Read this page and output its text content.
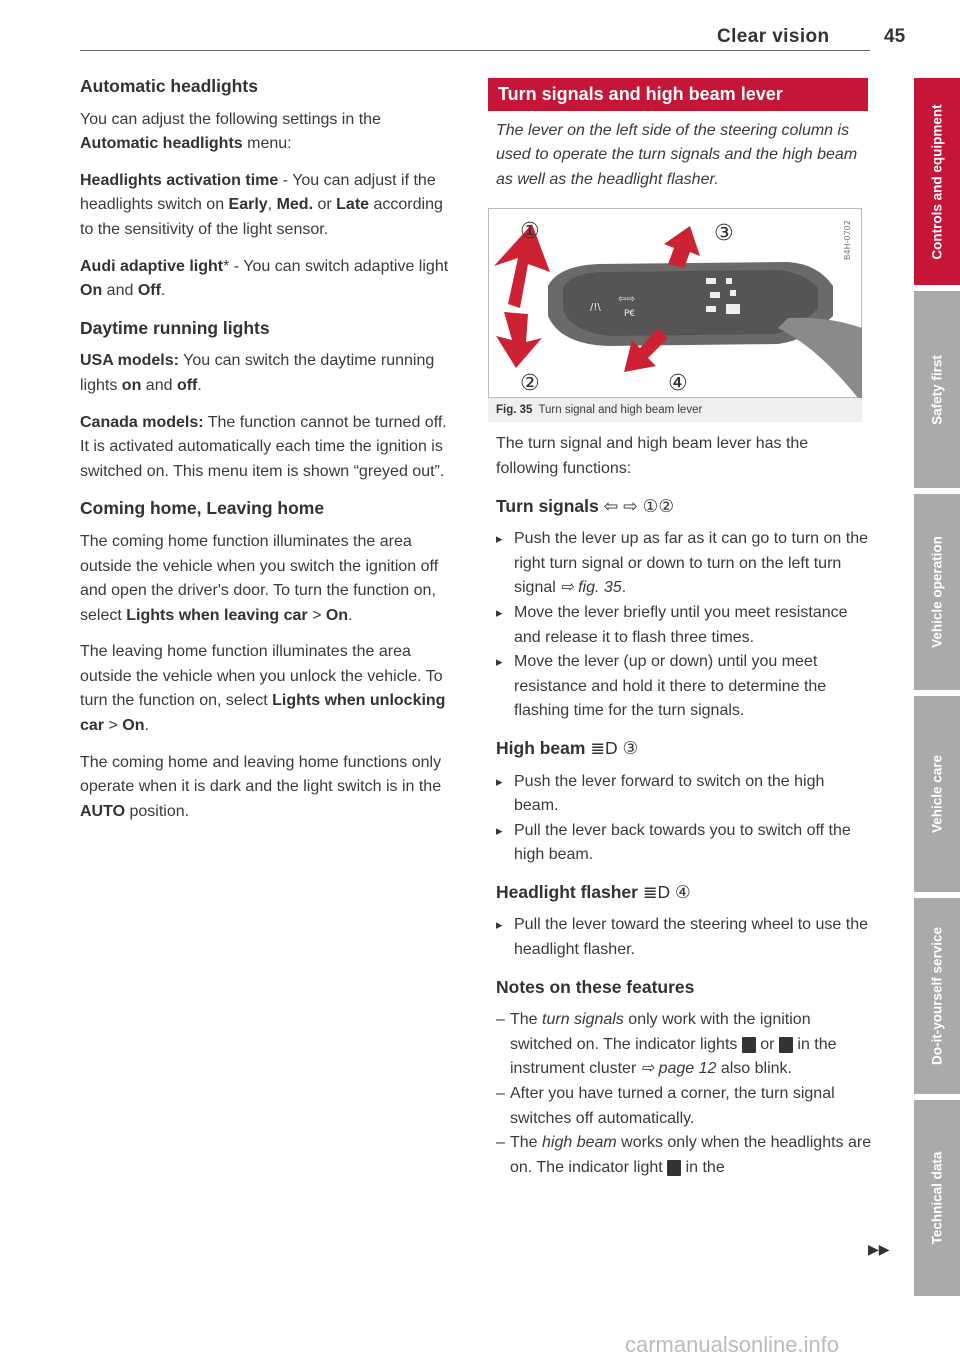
Clear vision	45
Automatic headlights

You can adjust the following settings in the Automatic headlights menu:

Headlights activation time - You can adjust if the headlights switch on Early, Med. or Late according to the sensitivity of the light sensor.

Audi adaptive light* - You can switch adaptive light On and Off.

Daytime running lights

USA models: You can switch the daytime running lights on and off.

Canada models: The function cannot be turned off. It is activated automatically each time the ignition is switched on. This menu item is shown “greyed out”.

Coming home, Leaving home

The coming home function illuminates the area outside the vehicle when you switch the ignition off and open the driver's door. To turn the function on, select Lights when leaving car > On.

The leaving home function illuminates the area outside the vehicle when you unlock the vehicle. To turn the function on, select Lights when unlocking car > On.

The coming home and leaving home functions only operate when it is dark and the light switch is in the AUTO position.

Turn signals and high beam lever

The lever on the left side of the steering column is used to operate the turn signals and the high beam as well as the headlight flasher.

/!\
⇦⇨
P€
①
②
③
④
B4H-0702
Fig. 35 Turn signal and high beam lever

The turn signal and high beam lever has the following functions:

Turn signals ⇦ ⇨ ①②
▸ Push the lever up as far as it can go to turn on the right turn signal or down to turn on the left turn signal ⇨ fig. 35.
▸ Move the lever briefly until you meet resistance and release it to flash three times.
▸ Move the lever (up or down) until you meet resistance and hold it there to determine the flashing time for the turn signals.
High beam ≣D ③
▸ Push the lever forward to switch on the high beam.
▸ Pull the lever back towards you to switch off the high beam.
Headlight flasher ≣D ④
▸ Pull the lever toward the steering wheel to use the headlight flasher.
Notes on these features
– The turn signals only work with the ignition switched on. The indicator lights  or  in the instrument cluster ⇨ page 12 also blink.
– After you have turned a corner, the turn signal switches off automatically.
– The high beam works only when the headlights are on. The indicator light  in the
▶▶
Controls and equipment
Safety first
Vehicle operation
Vehicle care
Do-it-yourself service
Technical data
carmanualsonline.info
